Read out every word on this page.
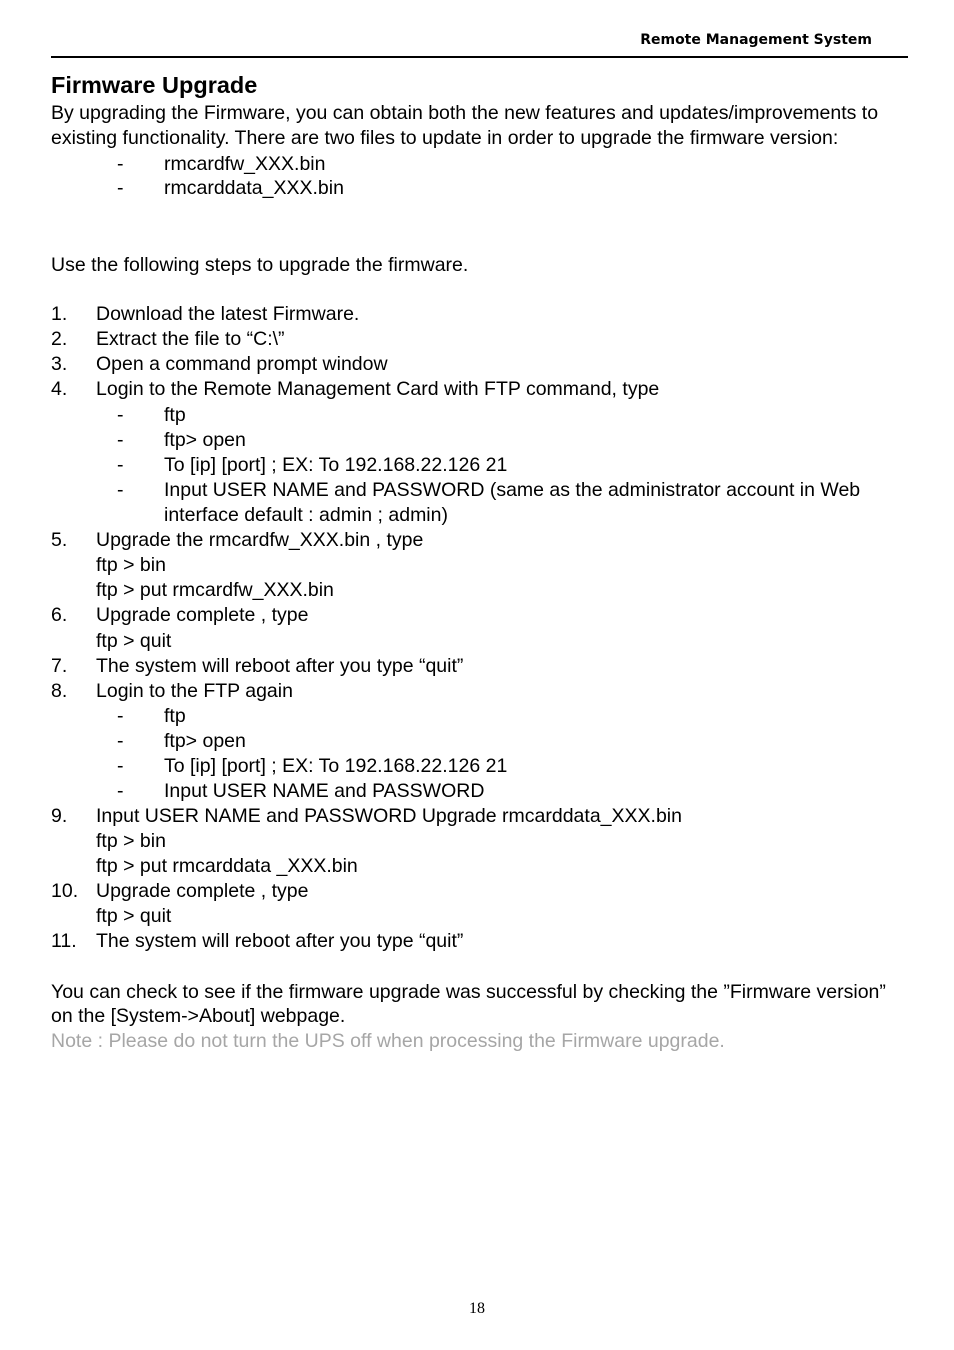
Remote Management System
Firmware Upgrade
By upgrading the Firmware, you can obtain both the new features and updates/improvements to
existing functionality. There are two files to update in order to upgrade the firmware version:
- rmcardfw_XXX.bin
- rmcarddata_XXX.bin
Use the following steps to upgrade the firmware.
1. Download the latest Firmware.
2. Extract the file to “C:\”
3. Open a command prompt window
4. Login to the Remote Management Card with FTP command, type
- ftp
- ftp> open
- To [ip] [port] ; EX: To 192.168.22.126 21
- Input USER NAME and PASSWORD (same as the administrator account in Web
interface default : admin ; admin)
5. Upgrade the rmcardfw_XXX.bin , type
ftp > bin
ftp > put rmcardfw_XXX.bin
6. Upgrade complete , type
ftp > quit
7. The system will reboot after you type “quit”
8. Login to the FTP again
- ftp
- ftp> open
- To [ip] [port] ; EX: To 192.168.22.126 21
- Input USER NAME and PASSWORD
9. Input USER NAME and PASSWORD Upgrade rmcarddata_XXX.bin
ftp > bin
ftp > put rmcarddata _XXX.bin
10. Upgrade complete , type
ftp > quit
11. The system will reboot after you type “quit”
You can check to see if the firmware upgrade was successful by checking the ”Firmware version”
on the [System->About] webpage.
Note : Please do not turn the UPS off when processing the Firmware upgrade.
18
